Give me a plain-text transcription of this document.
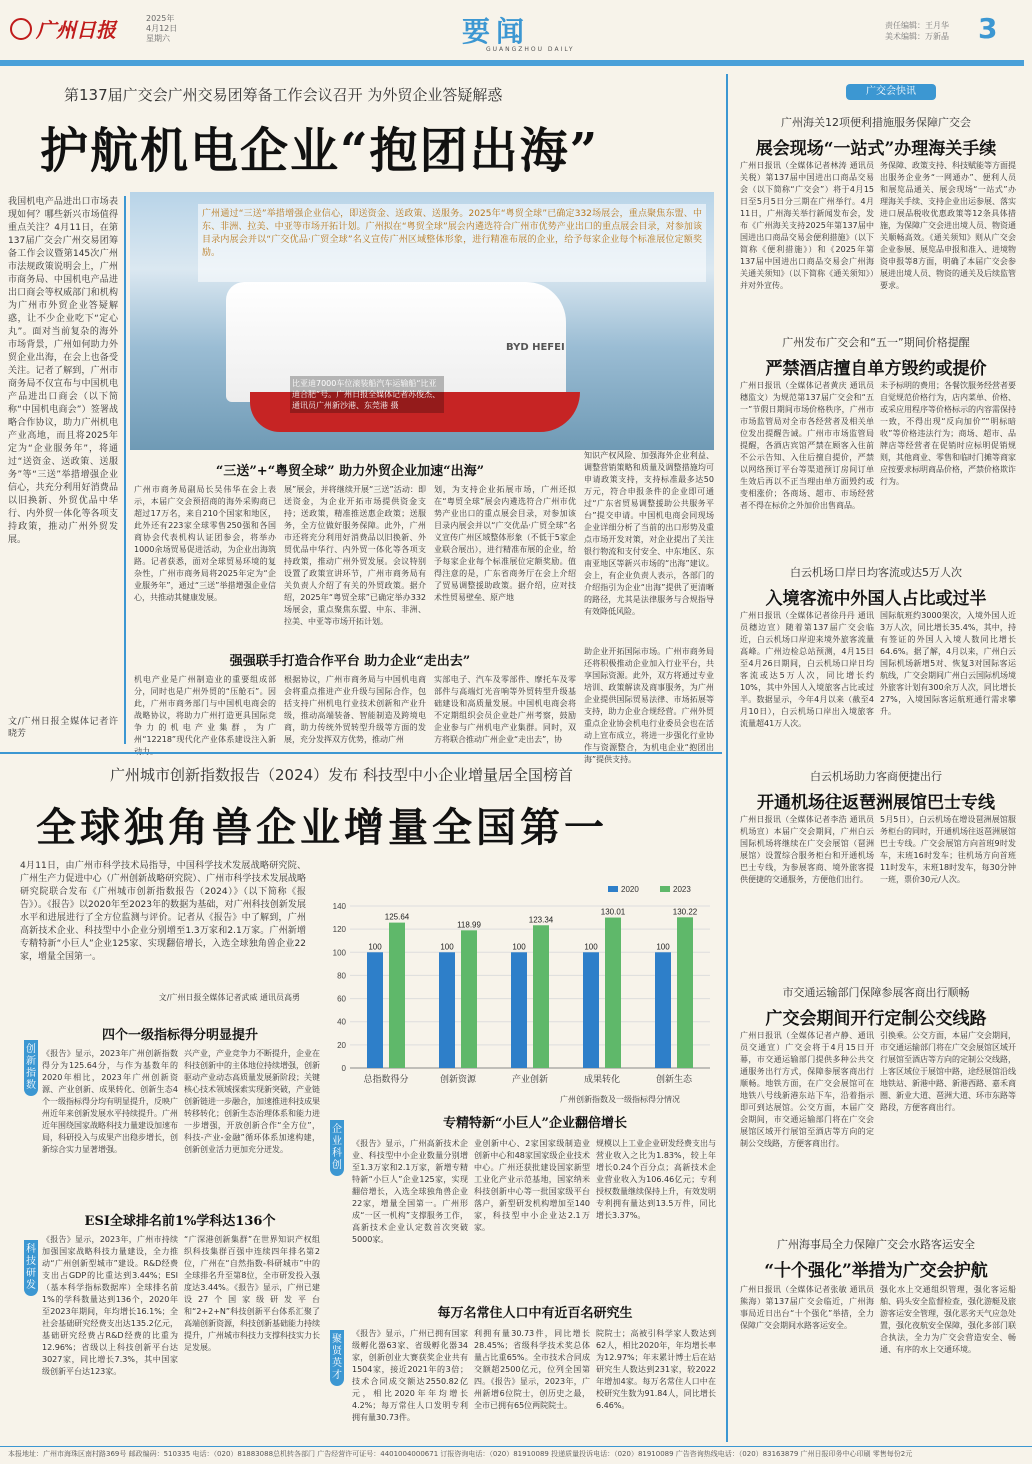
广州日报	2025年
4月12日
星期六	要闻
GUANGZHOU DAILY
责任编辑：王月华
美术编辑：万新晶 3
第137届广交会广州交易团筹备工作会议召开 为外贸企业答疑解惑
护航机电企业“抱团出海”
我国机电产品进出口市场表现如何？哪些新兴市场值得重点关注？4月11日，在第137届广交会广州交易团筹备工作会议暨第145次广州市法规政策说明会上，广州市商务局、中国机电产品进出口商会等权威部门和机构为广州市外贸企业答疑解惑，让不少企业吃下“定心丸”。面对当前复杂的海外市场背景，广州如何助力外贸企业出海，在会上也备受关注。记者了解到，广州市商务局不仅宣布与中国机电产品进出口商会（以下简称“中国机电商会”）签署战略合作协议，助力广州机电产业高地，而且将2025年定为“企业服务年”，将通过“送资金、送政策、送服务”等“三送”举措增强企业信心，共充分利用好消费品以旧换新、外贸优品中华行、内外贸一体化等各项支持政策，推动广州外贸发展。
文/广州日报全媒体记者许晓芳
广州通过“三送”举措增强企业信心，即送资金、送政策、送服务。2025年“粤贸全球”已确定332场展会，重点聚焦东盟、中东、非洲、拉美、中亚等市场开拓计划。广州拟在“粤贸全球”展会内遴选符合广州市优势产业出口的重点展会目录，对参加该目录内展会并以“广交优品·广贸全球”名义宣传广州区域整体形象，进行精准布展的企业，给予每家企业每个标准展位定额奖励。
BYD HEFEI
比亚迪7000车位滚装船汽车运输船“比亚迪合肥”号。广州日报全媒体记者苏俊杰、通讯员广州新沙港、东莞港 摄
“三送”+“粤贸全球” 助力外贸企业加速“出海”
广州市商务局副局长吴伟华在会上表示，本届广交会预招商的海外采购商已超过17万名，来自210个国家和地区，此外还有223家全球零售250强和各国商协会代表机构认证团参会，将举办1000余场贸易促进活动，为企业出海筑路。记者获悉，面对全球贸易环境的复杂性，广州市商务局将2025年定为“企业服务年”，通过“三送”举措增强企业信心，共推动其健康发展。
展”展会，并将继续开展“三送”活动：即送资金，为企业开拓市场提供资金支持；送政策，精准推送惠企政策；送服务，全方位做好服务保障。此外，广州市还将充分利用好消费品以旧换新、外贸优品中华行、内外贸一体化等各项支持政策，推动广州外贸发展。会议特别设置了政策宣讲环节，广州市商务局有关负责人介绍了有关的外贸政策。据介绍，2025年“粤贸全球”已确定举办332场展会，重点聚焦东盟、中东、非洲、拉美、中亚等市场开拓计划。
划，为支持企业拓展市场，广州还拟在“粤贸全球”展会内遴选符合广州市优势产业出口的重点展会目录，对参加该目录内展会并以“广交优品·广贸全球”名义宣传广州区域整体形象（不低于5家企业联合展出），进行精准布展的企业，给予每家企业每个标准展位定额奖励。值得注意的是，广东省商务厅在会上介绍了贸易调整援助政策。据介绍，应对技术性贸易壁垒、原产地
知识产权风险、加强海外企业利益、调整营销策略和质量及调整措施均可申请政策支持，支持标准最多达50万元，符合申报条件的企业即可通过“广东省贸易调整援助公共服务平台”提交申请。中国机电商会同现场企业详细分析了当前的出口形势及重点市场开发对策，对企业提出了关注银行物流和支付安全、中东地区、东南亚地区等新兴市场的“出海”建议。会上，有企业负责人表示，各部门的介绍指引为企业“出海”提供了更清晰的路径，尤其是法律服务与合规指导有效降低风险。
强强联手打造合作平台 助力企业“走出去”
机电产业是广州制造业的重要组成部分，同时也是广州外贸的“压舱石”。因此，广州市商务部门与中国机电商会的战略协议，将助力广州打造更具国际竞争力的机电产业集群，为广州“12218”现代化产业体系建设注入新
根据协议，广州市商务局与中国机电商会将重点推进产业升级与国际合作，包括支持广州机电行业技术创新和产业升级，推动高端装备、智能制造及跨境电商，助力传统外贸转型升级等方面的发展，充分发挥双方优势，推动广州
实部电子、汽车及零部件、摩托车及零部件与高端灯光音响等外贸转型升级基础建设和高质量发展。中国机电商会将不定期组织会员企业赴广州考察，鼓励企业参与广州机电产业集群。同时，双方将联合推动广州企业“走出去”，协
助企业开拓国际市场。广州市商务局还将积极推动企业加入行业平台，共享国际资源。此外，双方将通过专业培训、政策解读及商事服务，为广州企业提供国际贸易法律、市场拓展等支持，助力企业合规经营。广州外贸重点企业协会机电行业委员会也在活动上宣布成立，将进一步强化行业协作与资源整合，为机电企业“抱团出海”提供支持。
广州城市创新指数报告（2024）发布 科技型中小企业增量居全国榜首
全球独角兽企业增量全国第一
4月11日，由广州市科学技术局指导，中国科学技术发展战略研究院、广州生产力促进中心（广州创新战略研究院）、广州市科学技术发展战略研究院联合发布《广州城市创新指数报告（2024）》（以下简称《报告》）。《报告》以2020年至2023年的数据为基础，对广州科技创新发展水平和进展进行了全方位监测与评价。记者从《报告》中了解到，广州高新技术企业、科技型中小企业分别增至1.3万家和2.1万家。广州新增专精特新“小巨人”企业125家、实现翻倍增长，入选全球独角兽企业22家，增量全国第一。
文/广州日报全媒体记者武威 通讯员高勇
2020	2023
0
20
40
60
80
100
120
140
100
125.64
100
118.99
100
123.34
100
130.01
100
130.22
总指数得分	创新资源	产业创新	成果转化	创新生态
广州创新指数及一级指标得分情况
创新指数
四个一级指标得分明显提升
《报告》显示，2023年广州创新指数得分为125.64分，与作为基数年的2020年相比，2023年广州创新资源、产业创新、成果转化、创新生态4个一级指标得分均有明显提升，反映广州近年来创新发展水平持续提升。广州近年围绕国家战略科技力量建设加速布局，科研投入与成果产出稳步增长，创新综合实力显著增强。
兴产业，产业竞争力不断提升，企业在科技创新中的主体地位持续增强，创新驱动产业动态高质量发展新阶段；关键核心技术领域探索实现新突破，产业链创新链进一步融合，加速推进科技成果转移转化；创新生态治理体系和能力进一步增强，开放创新合作“全方位”，科技-产业-金融”循环体系加速构建，创新创业活力更加充分迸发。
科技研发
ESI全球排名前1%学科达136个
《报告》显示，2023年，广州市持续加强国家战略科技力量建设，全力推动“广州创新型城市”建设。R&D经费支出占GDP的比重达到3.44%；ESI（基本科学指标数据库）全球排名前1%的学科数量达到136个，2020年至2023年期间，年均增长16.1%；全社会基础研究经费支出达135.2亿元，基础研究经费占R&D经费的比重为12.96%；省级以上科技创新平台达3027家，同比增长7.3%，其中国家级创新平台达123家。
“广深港创新集群”在世界知识产权组织科技集群百强中连续四年排名第2位，广州在“自然指数-科研城市”中的全球排名升至第8位，全市研发投入强度达3.44%。《报告》显示，广州已建设27个国家级研发平台和“2+2+N”科技创新平台体系汇聚了高端创新资源，科技创新基础能力持续提升，广州城市科技力支撑科技实力长足发展。
企业科创
专精特新“小巨人”企业翻倍增长
《报告》显示，广州高新技术企业、科技型中小企业数量分别增至1.3万家和2.1万家，新增专精特新“小巨人”企业125家，实现翻倍增长，入选全球独角兽企业22家，增量全国第一。广州形成“一区一机构”支撑服务工作，高新技术企业认定数首次突破5000家。
业创新中心、2家国家级制造业创新中心和48家国家级企业技术中心。广州还获批建设国家新型工业化产业示范基地，国家纳米科技创新中心等一批国家级平台落户，新型研发机构增加至140家，科技型中小企业达2.1万家。
规模以上工业企业研发经费支出与营业收入之比为1.83%，较上年增长0.24个百分点；高新技术企业营业收入为106.46亿元；专利授权数量继续保持上升，有效发明专利拥有量达到13.5万件，同比增长3.37%。
聚贤英才
每万名常住人口中有近百名研究生
《报告》显示，广州已拥有国家级孵化器63家、省级孵化器34家，创新创业大赛获奖企业共有1504家，接近2021年的3倍；技术合同成交额达2550.82亿元，相比2020年年均增长4.2%；每万常住人口发明专利拥有量30.73件。
利拥有量30.73件，同比增长28.45%；省级科学技术奖总体量占比重65%。全市技术合同成交额超2500亿元，位列全国第四。《报告》显示，2023年，广州新增6位院士，创历史之最，全市已拥有65位两院院士。
院院士；高被引科学家人数达到62人，相比2020年，年均增长率为12.97%；年末累计博士后在站研究生人数达到231家，较2022年增加4家。每万名常住人口中在校研究生数为91.84人，同比增长6.46%。
广交会快讯
广州海关12项便利措施服务保障广交会
展会现场“一站式”办理海关手续
广州日报讯（全媒体记者林涛 通讯员关税）第137届中国进出口商品交易会（以下简称“广交会”）将于4月15日至5月5日分三期在广州举行。4月11日，广州海关举行新闻发布会，发布《广州海关支持2025年第137届中国进出口商品交易会便利措施》（以下简称《便利措施》）和《2025年第137届中国进出口商品交易会广州海关通关须知》（以下简称《通关须知》）并对外宣传。
务保障、政策支持、科技赋能等方面提出服务企业务“一网通办”、便利人员和展览品通关、展会现场“一站式”办理海关手续、支持企业出运参展、落实进口展品税收优惠政策等12条具体措施，为保障广交会进出境人员、物资通关顺畅高效。《通关须知》则从广交会企业参展、展览品申报和准入、进境物资申报等8方面，明确了本届广交会参展进出境人员、物资的通关及后续监管要求。
广州发布广交会和“五一”期间价格提醒
严禁酒店擅自单方毁约或提价
广州日报讯（全媒体记者黄庆 通讯员穗监文）为规范第137届广交会和“五一”节假日期间市场价格秩序，广州市市场监管局对全市各经营者及相关单位发出提醒告诫。广州市市场监管局提醒，各酒店宾馆严禁在顾客入住前不公示告知、入住后擅自提价，严禁以网络预订平台等渠道预订房间订单生效后再以不正当理由单方面毁约或变相涨价；各商场、超市、市场经营者不得在标价之外加价出售商品。
未予标明的费用；各餐饮服务经营者要自觉规范价格行为，店内菜单、价格、或采应用程序等价格标示的内容需保持一致，不得出现“反向加价”“明标暗收”等价格违法行为；商场、超市、品牌店等经营者在促销时应标明促销规则，其他商业、零售和临时门摊等商家应按要求标明商品价格，严禁价格欺诈行为。
白云机场口岸日均客流或达5万人次
入境客流中外国人占比或过半
广州日报讯（全媒体记者徐丹丹 通讯员穗边宣）随着第137届广交会临近，白云机场口岸迎来境外旅客流量高峰。广州边检总站预测，4月15日至4月26日期间，白云机场口岸日均客流或达5万人次，同比增长约10%，其中外国人入境旅客占比或过半。数据显示，今年4月以来（截至4月10日），白云机场口岸出入境旅客流量超41万人次。
国际航班约3000架次，入境外国人近3万人次，同比增长35.4%，其中，持有签证的外国人入境人数同比增长64.6%。据了解，4月以来，广州白云国际机场新增5对、恢复3对国际客运航线，广交会期间广州白云国际机场境外旅客计划有300余万人次，同比增长27%，入境国际客运航班通行需求攀升。
白云机场助力客商便捷出行
开通机场往返琶洲展馆巴士专线
广州日报讯（全媒体记者李浩 通讯员机场宣）本届广交会期间，广州白云国际机场将继续在广交会展馆（琶洲展馆）设置综合服务柜台和开通机场巴士专线，为参展客商、境外旅客提供便捷的交通服务，方便他们出行。
5月5日），白云机场在增设琶洲展馆服务柜台的同时，开通机场往返琶洲展馆巴士专线。广交会展馆方向首班9时发车，末班16时发车；往机场方向首班11时发车，末班18时发车，每30分钟一班，票价30元/人次。
市交通运输部门保障参展客商出行顺畅
广交会期间开行定制公交线路
广州日报讯（全媒体记者卢静、通讯员交通宣）广交会将于4月15日开幕，市交通运输部门提供多种公共交通服务出行方式，保障参展客商出行顺畅。地铁方面，在广交会展馆可在地铁八号线新港东站下车，沿着指示即可到达展馆。公交方面，本届广交会期间，市交通运输部门将在广交会展馆区域开行展馆至酒店等方向的定制公交线路，方便客商出行。
引换乘。公交方面，本届广交会期间，市交通运输部门将在广交会展馆区域开行展馆至酒店等方向的定制公交线路，上客区域位于展馆中路，途经展馆沿线地铁站、新港中路、新港西路、嘉禾商圈、新业大道、琶洲大道、环市东路等路段，方便客商出行。
广州海事局全力保障广交会水路客运安全
“十个强化”举措为广交会护航
广州日报讯（全媒体记者张敏 通讯员熊海）第137届广交会临近，广州海事局近日出台“十个强化”举措，全力保障广交会期间水路客运安全。
强化水上交通组织管理，强化客运船舶、码头安全监督检查，强化游艇及旅游客运安全管理，强化恶劣天气应急处置，强化夜航安全保障，强化多部门联合执法，全力为广交会营造安全、畅通、有序的水上交通环境。
本报地址：广州市海珠区南村路369号 邮政编码：510335 电话：（020）81883088总机转各部门 广告经营许可证号：4401004000671 订报咨询电话：（020）81910089 投递质量投诉电话：（020）81910089 广告咨询热线电话：（020）83163879 广州日报印务中心印刷 零售每份2元
